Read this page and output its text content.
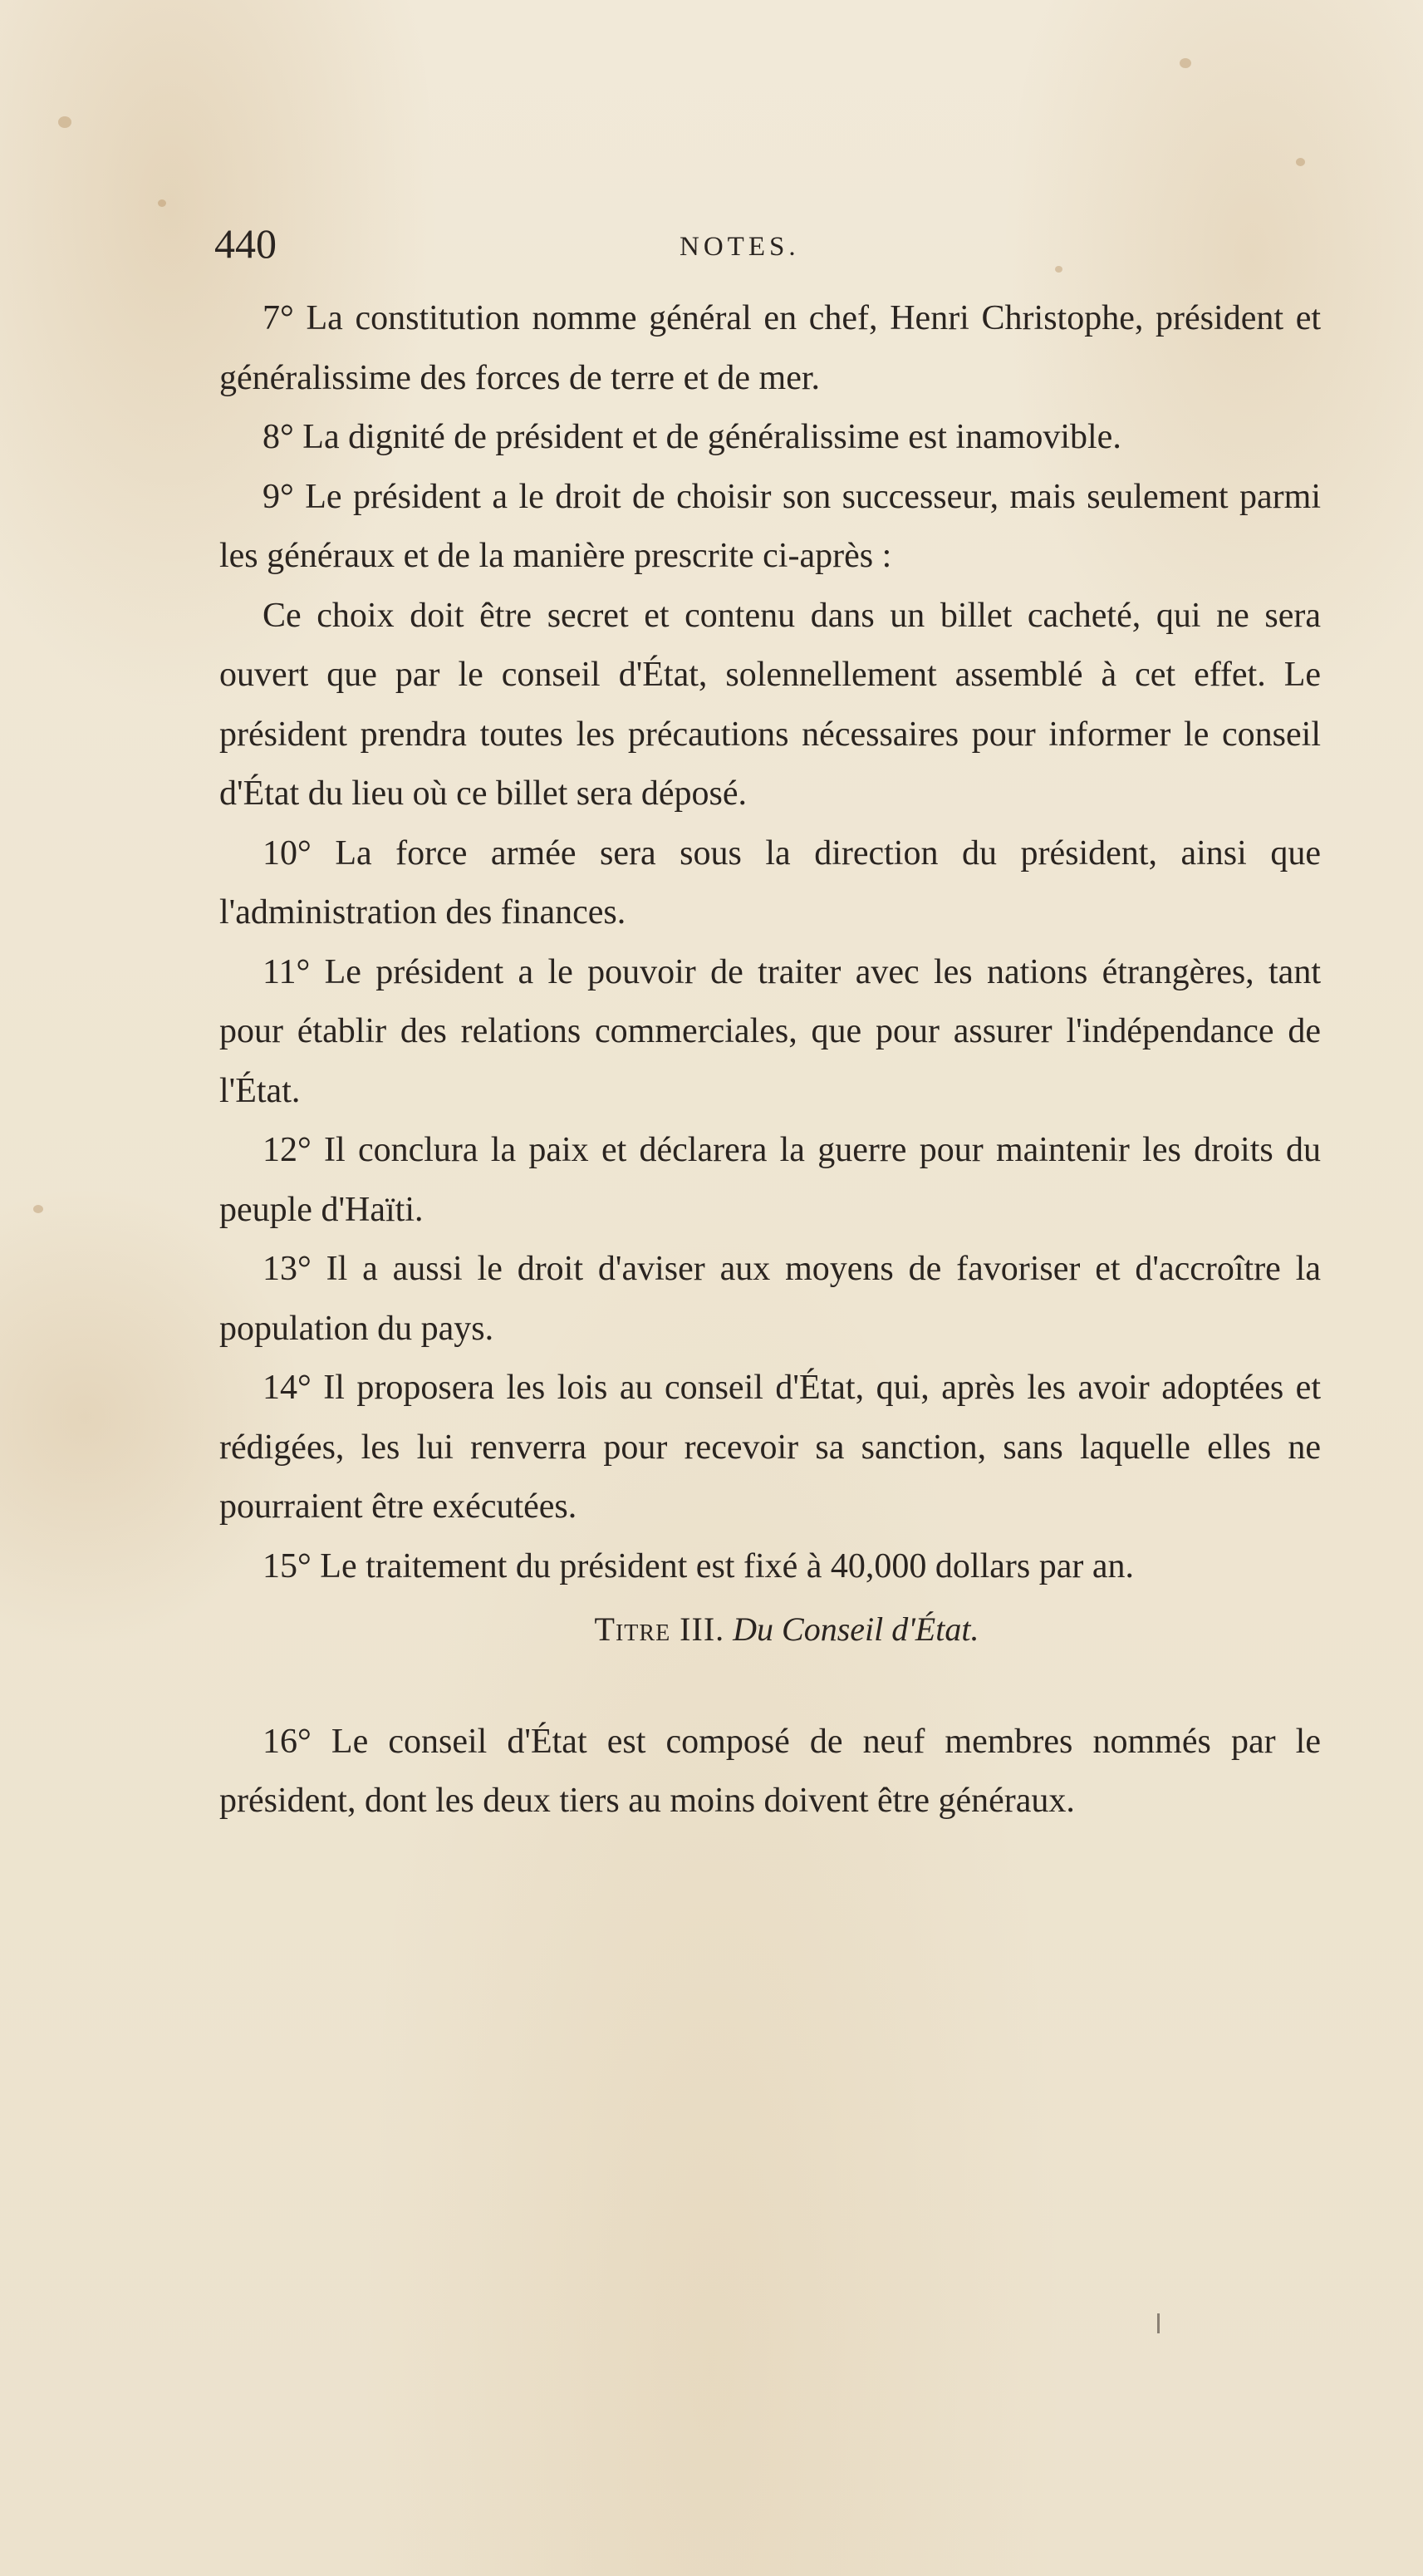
440	NOTES.

7° La constitution nomme général en chef, Henri Christophe, président et généralissime des forces de terre et de mer.

8° La dignité de président et de généralissime est inamovible.

9° Le président a le droit de choisir son successeur, mais seulement parmi les généraux et de la manière prescrite ci-après :

Ce choix doit être secret et contenu dans un billet cacheté, qui ne sera ouvert que par le conseil d'État, solennellement assemblé à cet effet. Le président prendra toutes les précautions nécessaires pour informer le conseil d'État du lieu où ce billet sera déposé.

10° La force armée sera sous la direction du président, ainsi que l'administration des finances.

11° Le président a le pouvoir de traiter avec les nations étrangères, tant pour établir des relations commerciales, que pour assurer l'indépendance de l'État.

12° Il conclura la paix et déclarera la guerre pour maintenir les droits du peuple d'Haïti.

13° Il a aussi le droit d'aviser aux moyens de favoriser et d'accroître la population du pays.

14° Il proposera les lois au conseil d'État, qui, après les avoir adoptées et rédigées, les lui renverra pour recevoir sa sanction, sans laquelle elles ne pourraient être exécutées.

15° Le traitement du président est fixé à 40,000 dollars par an.

Titre III. Du Conseil d'État.

16° Le conseil d'État est composé de neuf membres nommés par le président, dont les deux tiers au moins doivent être généraux.
